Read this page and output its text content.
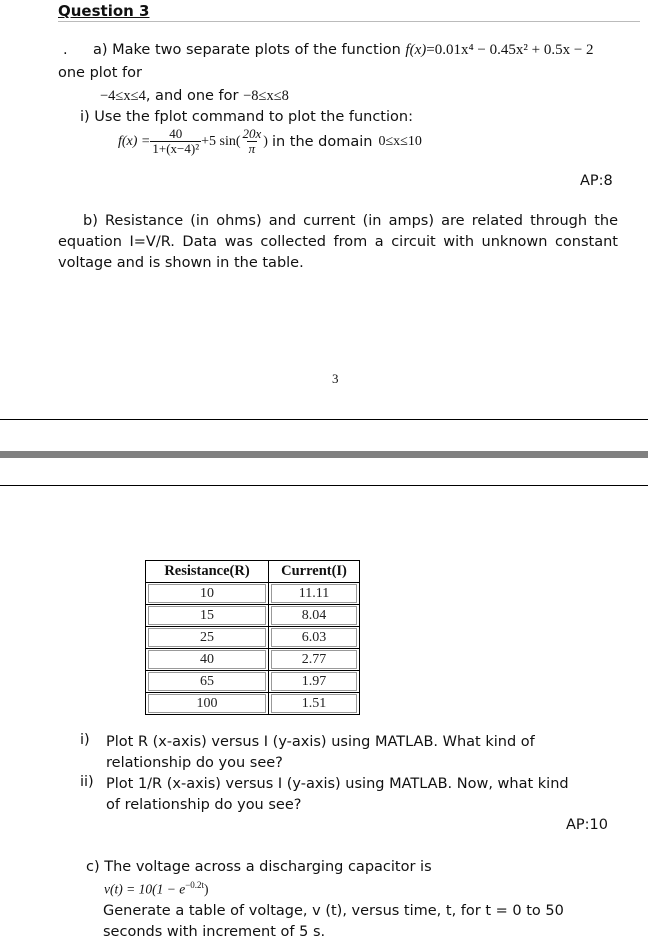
Question 3
. a) Make two separate plots of the function f(x)=0.01x⁴ − 0.45x² + 0.5x − 2
one plot for
−4≤x≤4, and one for −8≤x≤8
i) Use the fplot command to plot the function:
$f(x) = \frac{40}{\text{1+(x−4)²}} +5$ $\sin( \frac{20x}{\pi}$ ) in the domain 0≤x≤10
AP:8
b) Resistance (in ohms) and current (in amps) are related through the equation I=V/R. Data was collected from a circuit with unknown constant voltage and is shown in the table.
3
Resistance(R)	Current(I)

10	11.11

15	8.04

25	6.03

40	2.77

65	1.97

100	1.51
i)	Plot R (x-axis) versus I (y-axis) using MATLAB. What kind of relationship do you see?
ii) Plot 1/R (x-axis) versus I (y-axis) using MATLAB. Now, what kind of relationship do you see?
AP:10
c) The voltage across a discharging capacitor is
$v(t) = 10(1 - e^{-0.2t})$
Generate a table of voltage, v (t), versus time, t, for t = 0 to 50 seconds with increment of 5 s.
